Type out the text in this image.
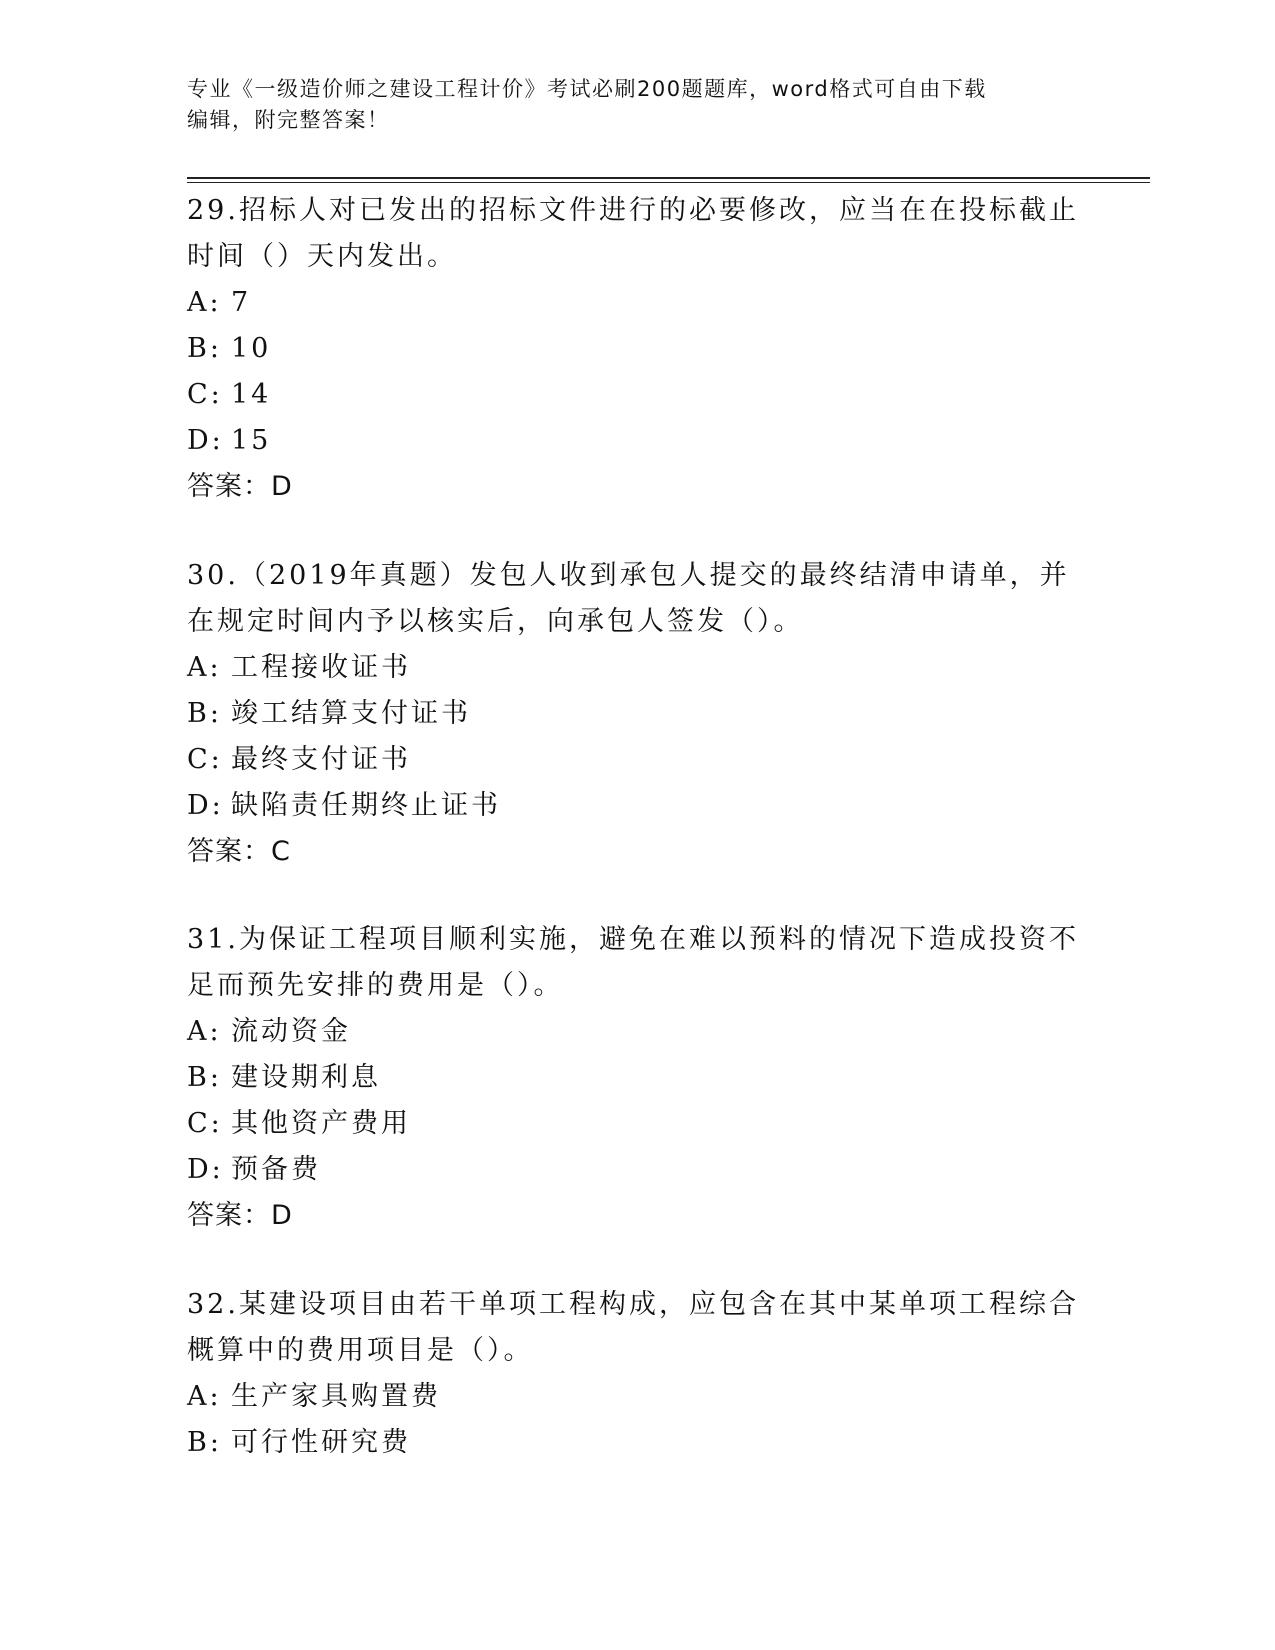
专业《一级造价师之建设工程计价》考试必刷200题题库，word格式可自由下载
编辑，附完整答案！

29.招标人对已发出的招标文件进行的必要修改，应当在在投标截止时间（）天内发出。

A: 7
B: 10
C: 14
D: 15
答案：D

30.（2019年真题）发包人收到承包人提交的最终结清申请单，并在规定时间内予以核实后，向承包人签发（）。

A: 工程接收证书
B: 竣工结算支付证书
C: 最终支付证书
D: 缺陷责任期终止证书
答案：C

31.为保证工程项目顺利实施，避免在难以预料的情况下造成投资不足而预先安排的费用是（）。

A: 流动资金
B: 建设期利息
C: 其他资产费用
D: 预备费
答案：D

32.某建设项目由若干单项工程构成，应包含在其中某单项工程综合概算中的费用项目是（）。

A: 生产家具购置费
B: 可行性研究费
